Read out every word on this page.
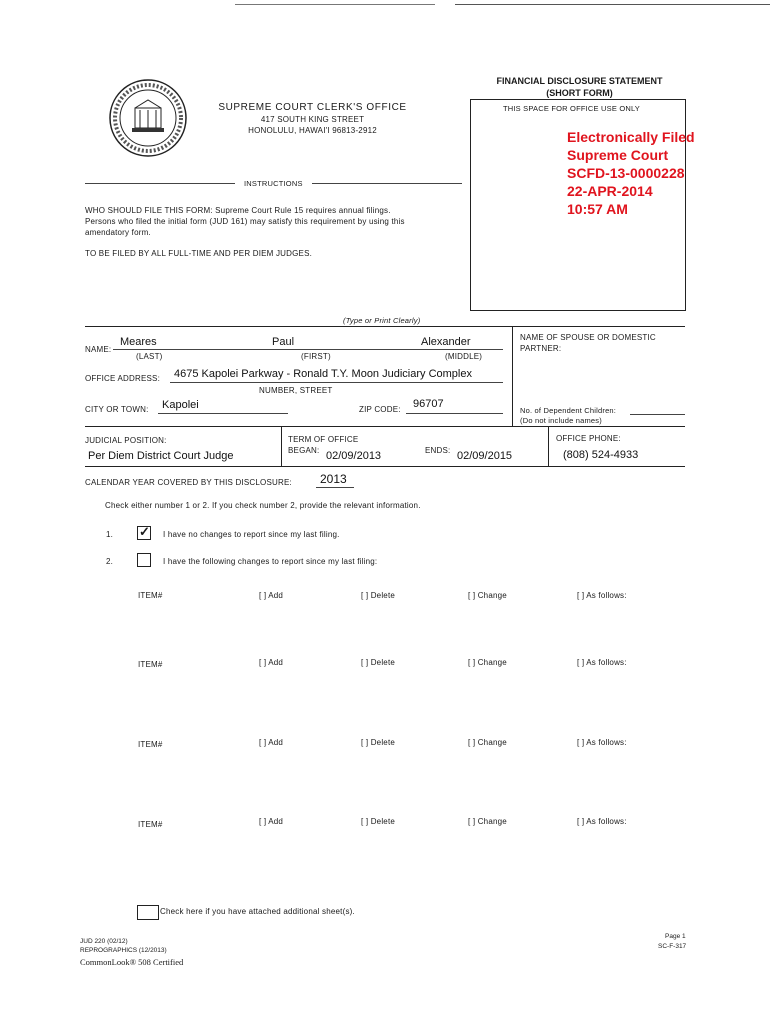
SUPREME COURT CLERK'S OFFICE
417 SOUTH KING STREET
HONOLULU, HAWAI'I 96813-2912
FINANCIAL DISCLOSURE STATEMENT
(SHORT FORM)
THIS SPACE FOR OFFICE USE ONLY
Electronically Filed
Supreme Court
SCFD-13-0000228
22-APR-2014
10:57 AM
INSTRUCTIONS
WHO SHOULD FILE THIS FORM: Supreme Court Rule 15 requires annual filings.
Persons who filed the initial form (JUD 161) may satisfy this requirement by using this
amendatory form.
TO BE FILED BY ALL FULL-TIME AND PER DIEM JUDGES.
(Type or Print Clearly)
NAME:
Meares	Paul	Alexander
(LAST)	(FIRST)	(MIDDLE)
NAME OF SPOUSE OR DOMESTIC
PARTNER:
OFFICE ADDRESS: 4675 Kapolei Parkway - Ronald T.Y. Moon Judiciary Complex
NUMBER, STREET
CITY OR TOWN: Kapolei	ZIP CODE: 96707
No. of Dependent Children:
(Do not include names)
JUDICIAL POSITION:
Per Diem District Court Judge
TERM OF OFFICE
BEGAN: 02/09/2013	ENDS: 02/09/2015
OFFICE PHONE:
(808) 524-4933
CALENDAR YEAR COVERED BY THIS DISCLOSURE: 2013
Check either number 1 or 2. If you check number 2, provide the relevant information.
1. ✓ I have no changes to report since my last filing.
2.	I have the following changes to report since my last filing:
ITEM#	[ ] Add	[ ] Delete	[ ] Change	[ ] As follows:
ITEM#	[ ] Add	[ ] Delete	[ ] Change	[ ] As follows:
ITEM#	[ ] Add	[ ] Delete	[ ] Change	[ ] As follows:
ITEM#	[ ] Add	[ ] Delete	[ ] Change	[ ] As follows:
Check here if you have attached additional sheet(s).
JUD 220 (02/12)
REPROGRAPHICS (12/2013)
CommonLook® 508 Certified
Page 1
SC-F-317
